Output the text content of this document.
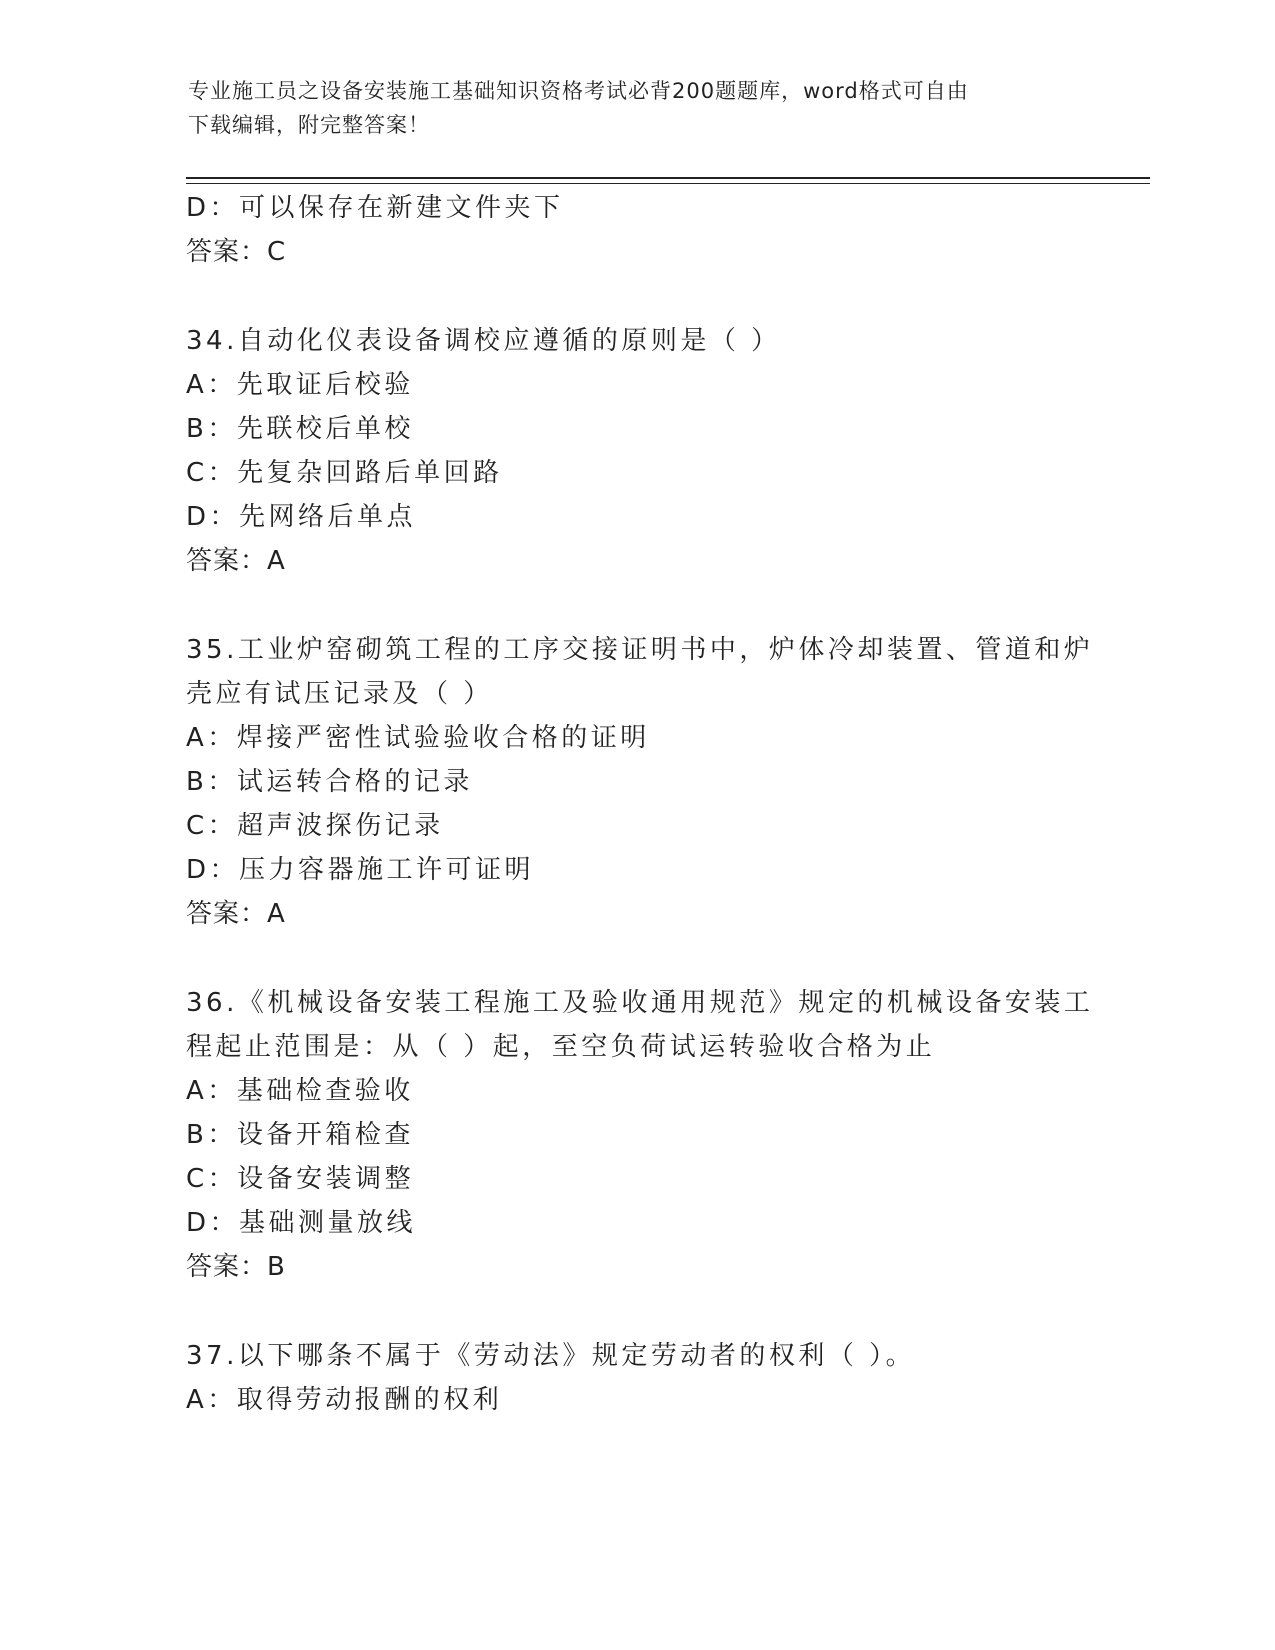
专业施工员之设备安装施工基础知识资格考试必背200题题库，word格式可自由
下载编辑，附完整答案！
D：可以保存在新建文件夹下
答案：C
34.自动化仪表设备调校应遵循的原则是（ ）
A：先取证后校验
B：先联校后单校
C：先复杂回路后单回路
D：先网络后单点
答案：A
35.工业炉窑砌筑工程的工序交接证明书中，炉体冷却装置、管道和炉
壳应有试压记录及（ ）
A：焊接严密性试验验收合格的证明
B：试运转合格的记录
C：超声波探伤记录
D：压力容器施工许可证明
答案：A
36.《机械设备安装工程施工及验收通用规范》规定的机械设备安装工
程起止范围是：从（ ）起，至空负荷试运转验收合格为止
A：基础检查验收
B：设备开箱检查
C：设备安装调整
D：基础测量放线
答案：B
37.以下哪条不属于《劳动法》规定劳动者的权利（ ）。
A：取得劳动报酬的权利
